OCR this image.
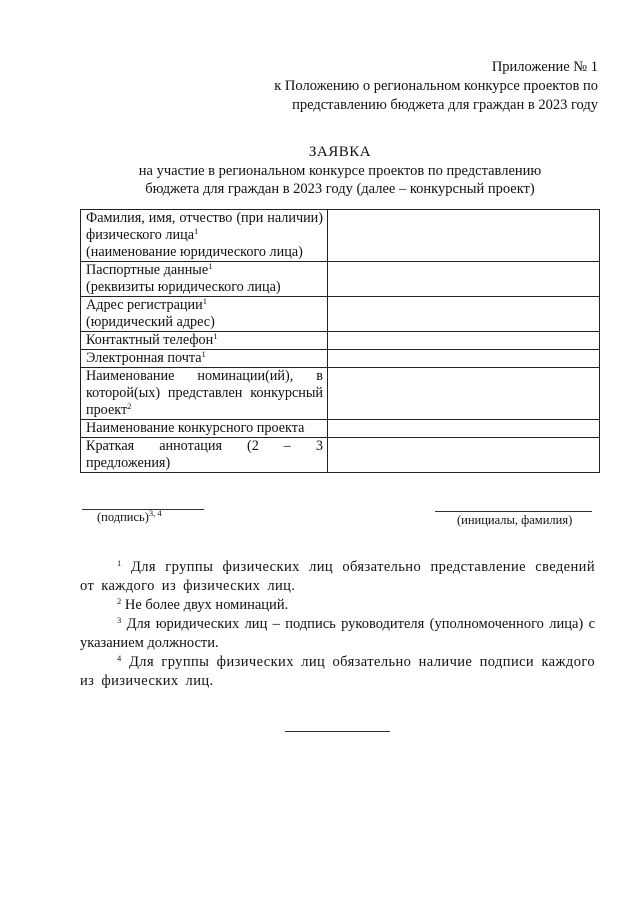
Приложение № 1
к Положению о региональном конкурсе проектов по
представлению бюджета для граждан в 2023 году
ЗАЯВКА
на участие в региональном конкурсе проектов по представлению
бюджета для граждан в 2023 году (далее – конкурсный проект)
Фамилия, имя, отчество (при наличии) физического лица$^1$
(наименование юридического лица)	
Паспортные данные$^1$
(реквизиты юридического лица)	
Адрес регистрации$^1$
(юридический адрес)	
Контактный телефон$^1$	
Электронная почта$^1$	
Наименование номинации(ий), в которой(ых) представлен конкурсный проект$^2$	
Наименование конкурсного проекта	
Краткая аннотация (2 – 3 предложения)	
(подпись)$^{3, 4}$	(инициалы, фамилия)

$^1$ Для группы физических лиц обязательно представление сведений от каждого из физических лиц.

$^2$ Не более двух номинаций.

$^3$ Для юридических лиц – подпись руководителя (уполномоченного лица) с указанием должности.

$^4$ Для группы физических лиц обязательно наличие подписи каждого из физических лиц.
